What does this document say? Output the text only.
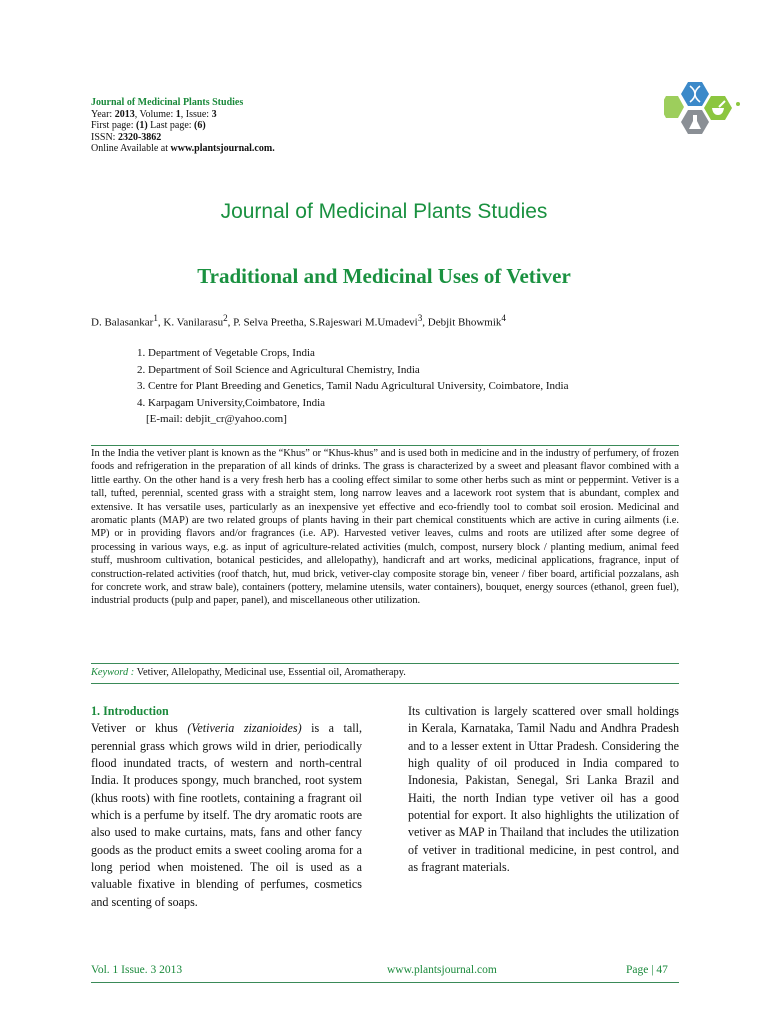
Journal of Medicinal Plants Studies
Year: 2013, Volume: 1, Issue: 3
First page: (1) Last page: (6)
ISSN: 2320-3862
Online Available at www.plantsjournal.com.
Journal of Medicinal Plants Studies
Traditional and Medicinal Uses of Vetiver
D. Balasankar$^1$, K. Vanilarasu$^2$, P. Selva Preetha, S.Rajeswari M.Umadevi$^3$, Debjit Bhowmik$^4$
1. Department of Vegetable Crops, India
2. Department of Soil Science and Agricultural Chemistry, India
3. Centre for Plant Breeding and Genetics, Tamil Nadu Agricultural University, Coimbatore, India
4. Karpagam University,Coimbatore, India
[E-mail: debjit_cr@yahoo.com]
In the India the vetiver plant is known as the “Khus” or “Khus-khus” and is used both in medicine and in the industry of perfumery, of frozen foods and refrigeration in the preparation of all kinds of drinks. The grass is characterized by a sweet and pleasant flavor combined with a little earthy. On the other hand is a very fresh herb has a cooling effect similar to some other herbs such as mint or peppermint. Vetiver is a tall, tufted, perennial, scented grass with a straight stem, long narrow leaves and a lacework root system that is abundant, complex and extensive. It has versatile uses, particularly as an inexpensive yet effective and eco-friendly tool to combat soil erosion. Medicinal and aromatic plants (MAP) are two related groups of plants having in their part chemical constituents which are active in curing ailments (i.e. MP) or in providing flavors and/or fragrances (i.e. AP). Harvested vetiver leaves, culms and roots are utilized after some degree of processing in various ways, e.g. as input of agriculture-related activities (mulch, compost, nursery block / planting medium, animal feed stuff, mushroom cultivation, botanical pesticides, and allelopathy), handicraft and art works, medicinal applications, fragrance, input of construction-related activities (roof thatch, hut, mud brick, vetiver-clay composite storage bin, veneer / fiber board, artificial pozzalans, ash for concrete work, and straw bale), containers (pottery, melamine utensils, water containers), bouquet, energy sources (ethanol, green fuel), industrial products (pulp and paper, panel), and miscellaneous other utilization.
Keyword : Vetiver, Allelopathy, Medicinal use, Essential oil, Aromatherapy.
1. Introduction
Vetiver or khus (Vetiveria zizanioides) is a tall, perennial grass which grows wild in drier, periodically flood inundated tracts, of western and north-central India. It produces spongy, much branched, root system (khus roots) with fine rootlets, containing a fragrant oil which is a perfume by itself. The dry aromatic roots are also used to make curtains, mats, fans and other fancy goods as the product emits a sweet cooling aroma for a long period when moistened. The oil is used as a valuable fixative in blending of perfumes, cosmetics and scenting of soaps.
Its cultivation is largely scattered over small holdings in Kerala, Karnataka, Tamil Nadu and Andhra Pradesh and to a lesser extent in Uttar Pradesh. Considering the high quality of oil produced in India compared to Indonesia, Pakistan, Senegal, Sri Lanka Brazil and Haiti, the north Indian type vetiver oil has a good potential for export. It also highlights the utilization of vetiver as MAP in Thailand that includes the utilization of vetiver in traditional medicine, in pest control, and as fragrant materials.
Vol. 1 Issue. 3 2013	www.plantsjournal.com	Page | 47
